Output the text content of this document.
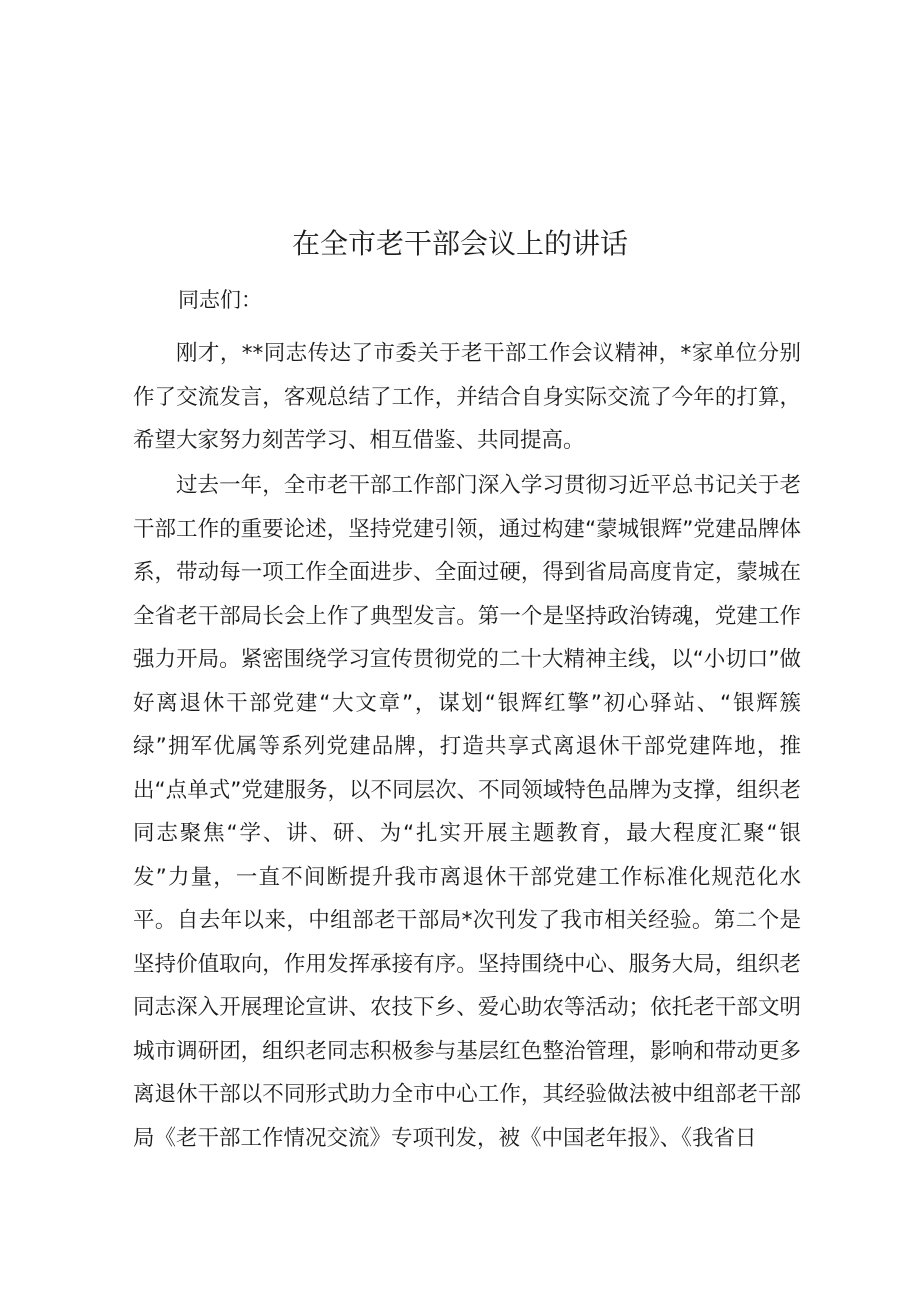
在全市老干部会议上的讲话

同志们：

刚才，**同志传达了市委关于老干部工作会议精神，*家单位分别作了交流发言，客观总结了工作，并结合自身实际交流了今年的打算，希望大家努力刻苦学习、相互借鉴、共同提高。

过去一年，全市老干部工作部门深入学习贯彻习近平总书记关于老干部工作的重要论述，坚持党建引领，通过构建“蒙城银辉”党建品牌体系，带动每一项工作全面进步、全面过硬，得到省局高度肯定，蒙城在全省老干部局长会上作了典型发言。第一个是坚持政治铸魂，党建工作强力开局。紧密围绕学习宣传贯彻党的二十大精神主线，以“小切口”做好离退休干部党建“大文章”，谋划“银辉红擎”初心驿站、“银辉簇绿”拥军优属等系列党建品牌，打造共享式离退休干部党建阵地，推出“点单式”党建服务，以不同层次、不同领域特色品牌为支撑，组织老同志聚焦“学、讲、研、为“扎实开展主题教育，最大程度汇聚“银发”力量，一直不间断提升我市离退休干部党建工作标准化规范化水平。自去年以来，中组部老干部局*次刊发了我市相关经验。第二个是坚持价值取向，作用发挥承接有序。坚持围绕中心、服务大局，组织老同志深入开展理论宣讲、农技下乡、爱心助农等活动；依托老干部文明城市调研团，组织老同志积极参与基层红色整治管理，影响和带动更多离退休干部以不同形式助力全市中心工作，其经验做法被中组部老干部局《老干部工作情况交流》专项刊发，被《中国老年报》、《我省日
